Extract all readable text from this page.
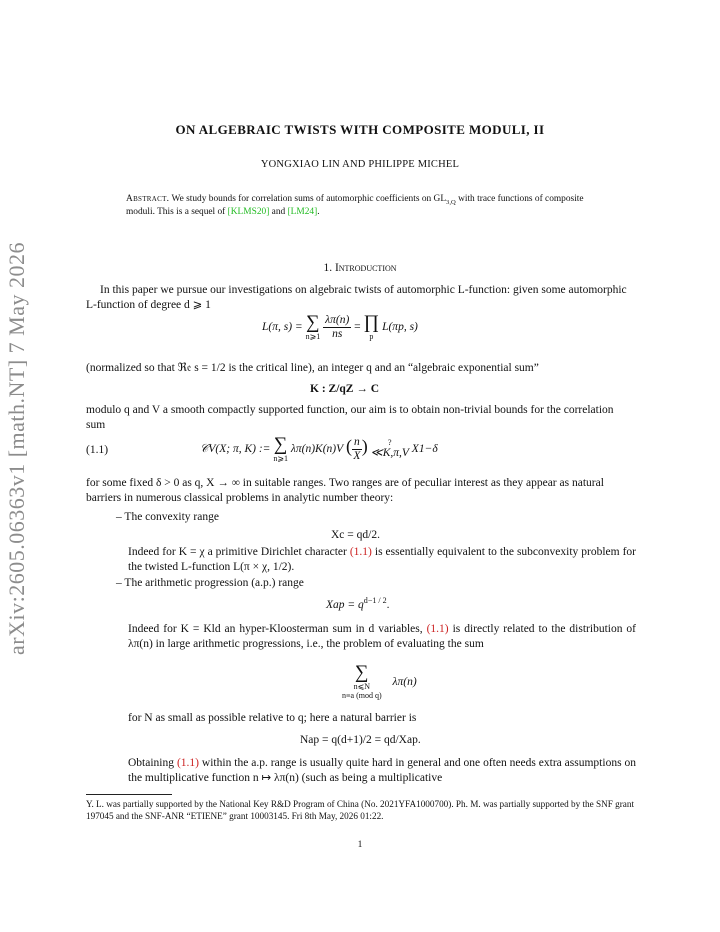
arXiv:2605.06363v1 [math.NT] 7 May 2026
ON ALGEBRAIC TWISTS WITH COMPOSITE MODULI, II
YONGXIAO LIN AND PHILIPPE MICHEL
Abstract. We study bounds for correlation sums of automorphic coefficients on $GL_{3,Q}$ with trace functions of composite moduli. This is a sequel of [KLMS20] and [LM24].
1. Introduction
In this paper we pursue our investigations on algebraic twists of automorphic L-function: given some automorphic L-function of degree d ⩾ 1
L(π, s) = ∑
n⩾1
$\frac{\lambda\pi(n)}{ns}$ = ∏
p
L(πp, s)
(normalized so that ℜ𝔢 s = 1/2 is the critical line), an integer q and an “algebraic exponential sum”
K : Z/qZ → C
modulo q and V a smooth compactly supported function, our aim is to obtain non-trivial bounds for the correlation sum
(1.1)	𝒞V(X; π, K) := ∑
n⩾1
λπ(n)K(n)V ( $\frac{n}{X}$ )	?
≪K,π,V X1−δ
for some fixed δ > 0 as q, X → ∞ in suitable ranges. Two ranges are of peculiar interest as they appear as natural barriers in numerous classical problems in analytic number theory:
– The convexity range
Xc = qd/2.
Indeed for K = χ a primitive Dirichlet character (1.1) is essentially equivalent to the subconvexity problem for the twisted L-function L(π × χ, 1/2).
– The arithmetic progression (a.p.) range
Xap = $q^{d-1 / 2}$.
Indeed for K = Kld an hyper-Kloosterman sum in d variables, (1.1) is directly related to the distribution of λπ(n) in large arithmetic progressions, i.e., the problem of evaluating the sum
∑
n⩽N
n≡a (mod q)
λπ(n)
for N as small as possible relative to q; here a natural barrier is
Nap = q(d+1)/2 = qd/Xap.
Obtaining (1.1) within the a.p. range is usually quite hard in general and one often needs extra assumptions on the multiplicative function n ↦ λπ(n) (such as being a multiplicative
Y. L. was partially supported by the National Key R&D Program of China (No. 2021YFA1000700). Ph. M. was partially supported by the SNF grant 197045 and the SNF-ANR “ETIENE” grant 10003145. Fri 8th May, 2026 01:22.
1
